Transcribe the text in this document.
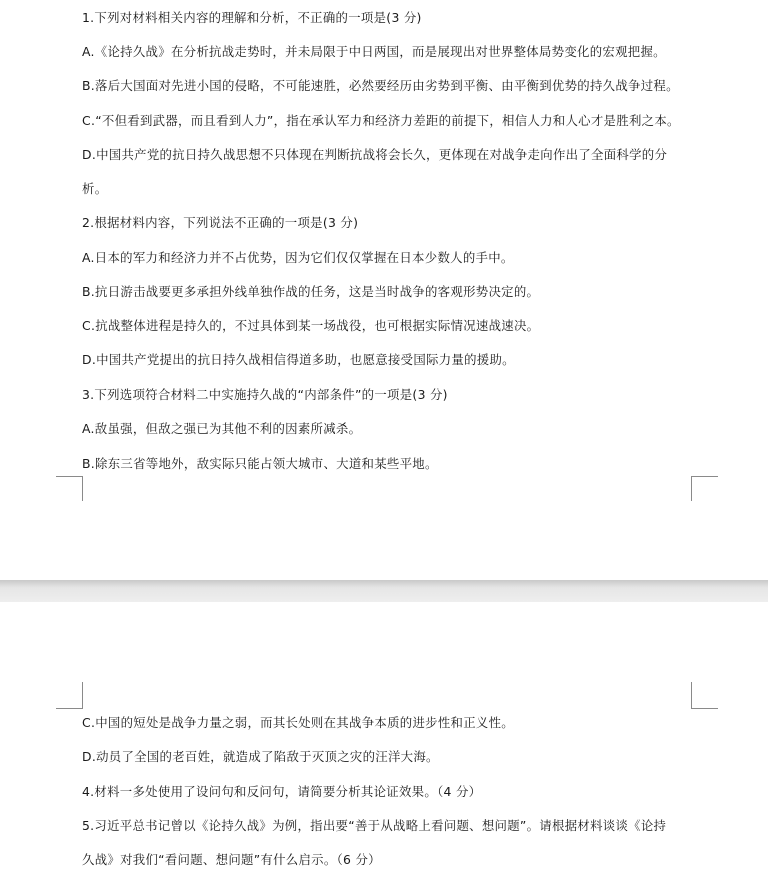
1.下列对材料相关内容的理解和分析，不正确的一项是(3 分)
A.《论持久战》在分析抗战走势时，并未局限于中日两国，而是展现出对世界整体局势变化的宏观把握。
B.落后大国面对先进小国的侵略，不可能速胜，必然要经历由劣势到平衡、由平衡到优势的持久战争过程。
C.“不但看到武器，而且看到人力”，指在承认军力和经济力差距的前提下，相信人力和人心才是胜利之本。
D.中国共产党的抗日持久战思想不只体现在判断抗战将会长久，更体现在对战争走向作出了全面科学的分
析。
2.根据材料内容，下列说法不正确的一项是(3 分)
A.日本的军力和经济力并不占优势，因为它们仅仅掌握在日本少数人的手中。
B.抗日游击战要更多承担外线单独作战的任务，这是当时战争的客观形势决定的。
C.抗战整体进程是持久的，不过具体到某一场战役，也可根据实际情况速战速决。
D.中国共产党提出的抗日持久战相信得道多助，也愿意接受国际力量的援助。
3.下列选项符合材料二中实施持久战的“内部条件”的一项是(3 分)
A.敌虽强，但敌之强已为其他不利的因素所减杀。
B.除东三省等地外，敌实际只能占领大城市、大道和某些平地。
C.中国的短处是战争力量之弱，而其长处则在其战争本质的进步性和正义性。
D.动员了全国的老百姓，就造成了陷敌于灭顶之灾的汪洋大海。
4.材料一多处使用了设问句和反问句，请简要分析其论证效果。（4 分）
5.习近平总书记曾以《论持久战》为例，指出要“善于从战略上看问题、想问题”。请根据材料谈谈《论持
久战》对我们“看问题、想问题”有什么启示。（6 分）
